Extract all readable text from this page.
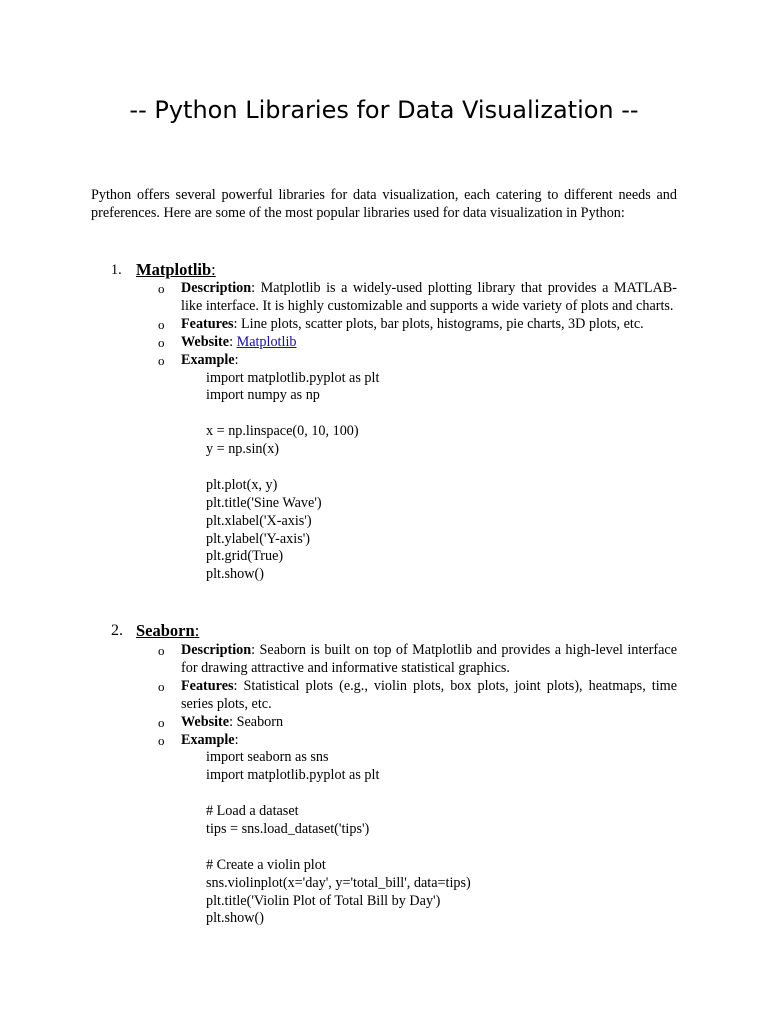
-- Python Libraries for Data Visualization --

Python offers several powerful libraries for data visualization, each catering to different needs and preferences. Here are some of the most popular libraries used for data visualization in Python:

1. Matplotlib:
o Description: Matplotlib is a widely-used plotting library that provides a MATLAB-like interface. It is highly customizable and supports a wide variety of plots and charts.
o Features: Line plots, scatter plots, bar plots, histograms, pie charts, 3D plots, etc.
o Website: Matplotlib
o Example:
import matplotlib.pyplot as plt
import numpy as np
x = np.linspace(0, 10, 100)
y = np.sin(x)
plt.plot(x, y)
plt.title('Sine Wave')
plt.xlabel('X-axis')
plt.ylabel('Y-axis')
plt.grid(True)
plt.show()
2. Seaborn:
o Description: Seaborn is built on top of Matplotlib and provides a high-level interface for drawing attractive and informative statistical graphics.
o Features: Statistical plots (e.g., violin plots, box plots, joint plots), heatmaps, time series plots, etc.
o Website: Seaborn
o Example:
import seaborn as sns
import matplotlib.pyplot as plt
# Load a dataset
tips = sns.load_dataset('tips')
# Create a violin plot
sns.violinplot(x='day', y='total_bill', data=tips)
plt.title('Violin Plot of Total Bill by Day')
plt.show()
